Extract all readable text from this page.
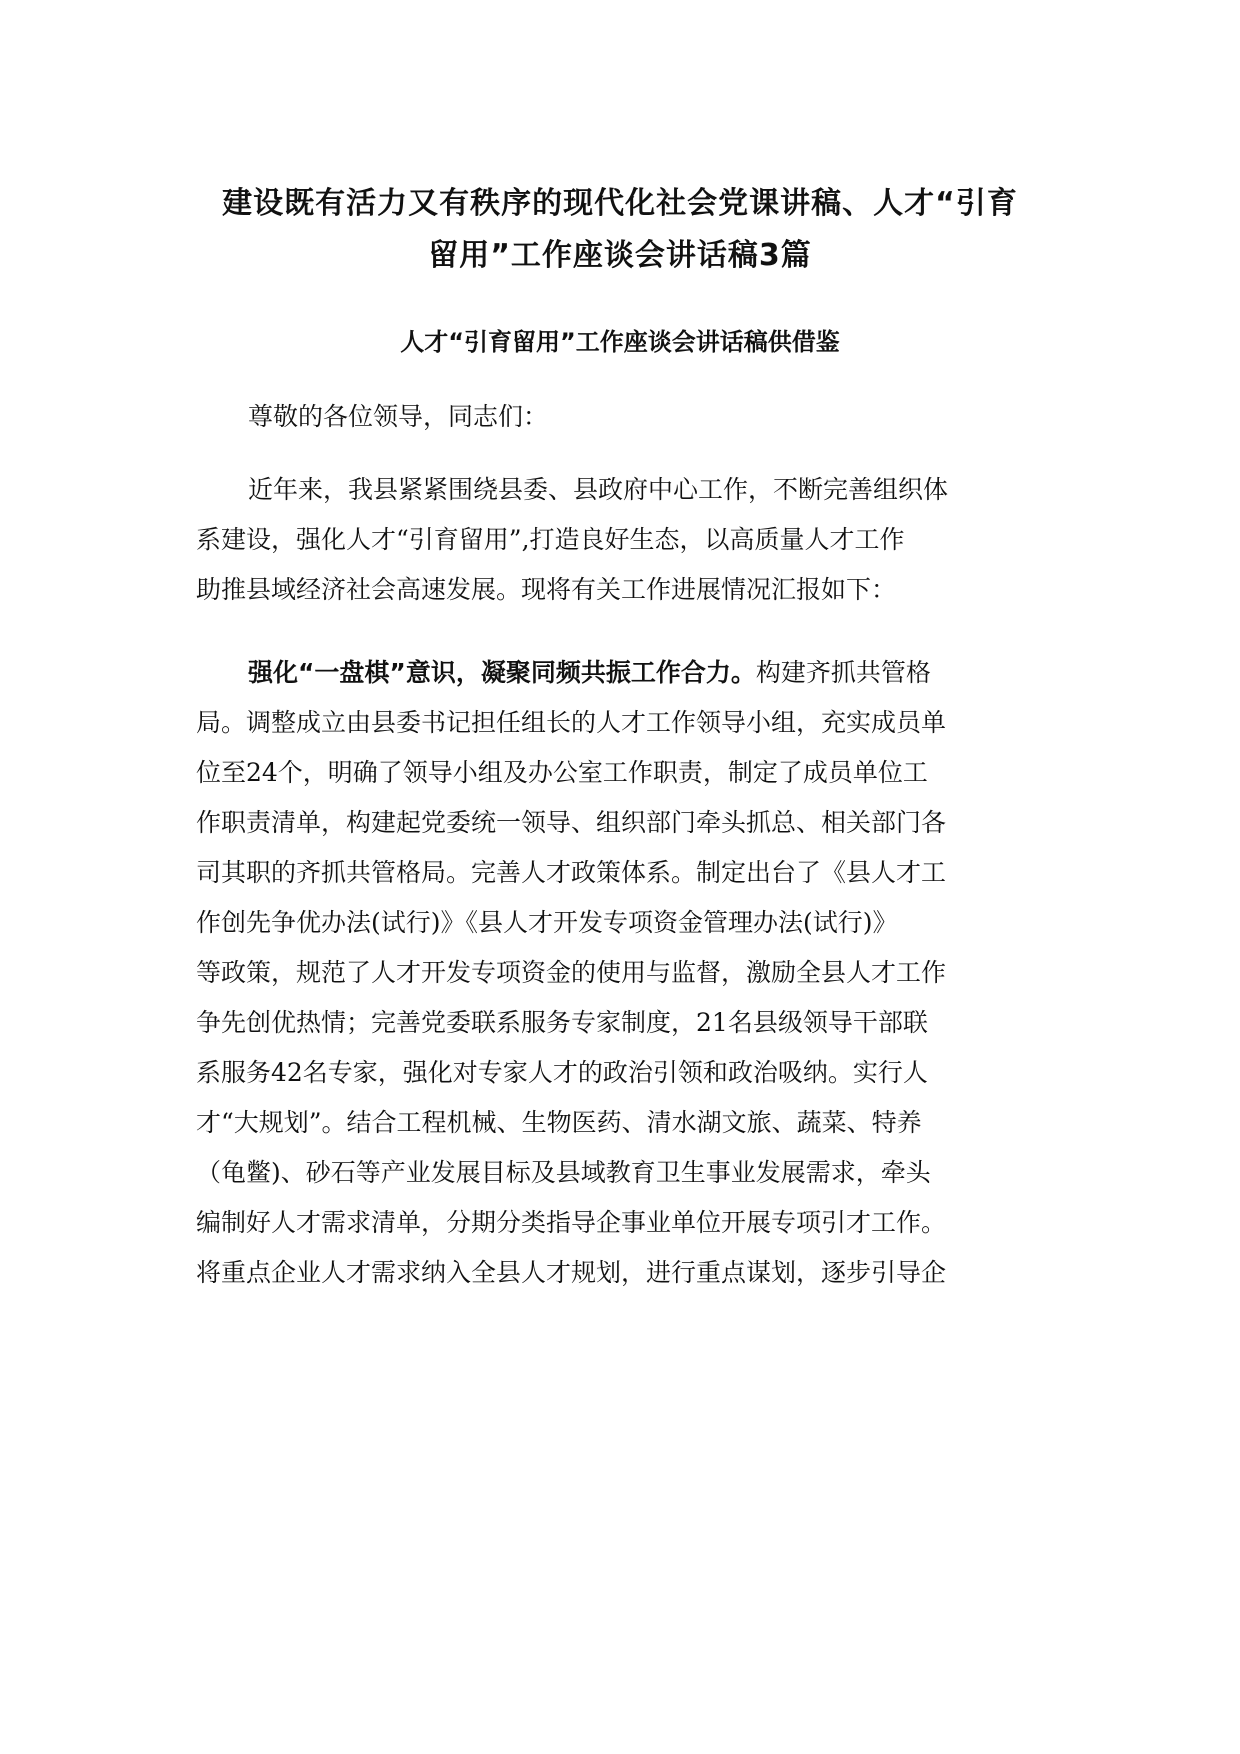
建设既有活力又有秩序的现代化社会党课讲稿、人才“引育
留用”工作座谈会讲话稿3篇
人才“引育留用”工作座谈会讲话稿供借鉴

尊敬的各位领导，同志们：

近年来，我县紧紧围绕县委、县政府中心工作，不断完善组织体
系建设，强化人才“引育留用”,打造良好生态，以高质量人才工作
助推县域经济社会高速发展。现将有关工作进展情况汇报如下：

强化“一盘棋”意识，凝聚同频共振工作合力。构建齐抓共管格
局。调整成立由县委书记担任组长的人才工作领导小组，充实成员单
位至24个，明确了领导小组及办公室工作职责，制定了成员单位工
作职责清单，构建起党委统一领导、组织部门牵头抓总、相关部门各
司其职的齐抓共管格局。完善人才政策体系。制定出台了《县人才工
作创先争优办法(试行)》《县人才开发专项资金管理办法(试行)》
等政策，规范了人才开发专项资金的使用与监督，激励全县人才工作
争先创优热情；完善党委联系服务专家制度，21名县级领导干部联
系服务42名专家，强化对专家人才的政治引领和政治吸纳。实行人
才“大规划”。结合工程机械、生物医药、清水湖文旅、蔬菜、特养
（龟鳖)、砂石等产业发展目标及县域教育卫生事业发展需求，牵头
编制好人才需求清单，分期分类指导企事业单位开展专项引才工作。
将重点企业人才需求纳入全县人才规划，进行重点谋划，逐步引导企
